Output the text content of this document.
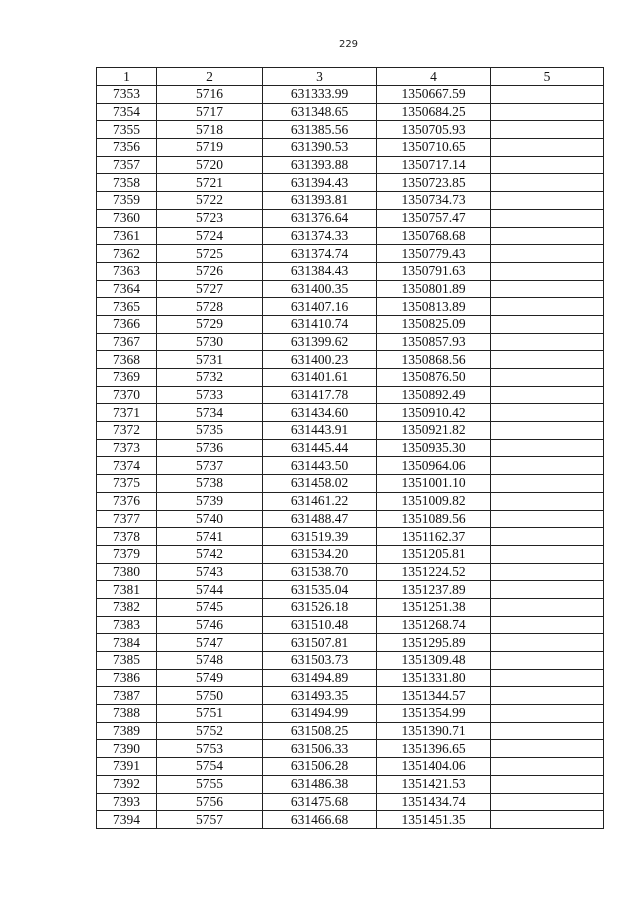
229
1	2	3	4	5
7353	5716	631333.99	1350667.59	
7354	5717	631348.65	1350684.25	
7355	5718	631385.56	1350705.93	
7356	5719	631390.53	1350710.65	
7357	5720	631393.88	1350717.14	
7358	5721	631394.43	1350723.85	
7359	5722	631393.81	1350734.73	
7360	5723	631376.64	1350757.47	
7361	5724	631374.33	1350768.68	
7362	5725	631374.74	1350779.43	
7363	5726	631384.43	1350791.63	
7364	5727	631400.35	1350801.89	
7365	5728	631407.16	1350813.89	
7366	5729	631410.74	1350825.09	
7367	5730	631399.62	1350857.93	
7368	5731	631400.23	1350868.56	
7369	5732	631401.61	1350876.50	
7370	5733	631417.78	1350892.49	
7371	5734	631434.60	1350910.42	
7372	5735	631443.91	1350921.82	
7373	5736	631445.44	1350935.30	
7374	5737	631443.50	1350964.06	
7375	5738	631458.02	1351001.10	
7376	5739	631461.22	1351009.82	
7377	5740	631488.47	1351089.56	
7378	5741	631519.39	1351162.37	
7379	5742	631534.20	1351205.81	
7380	5743	631538.70	1351224.52	
7381	5744	631535.04	1351237.89	
7382	5745	631526.18	1351251.38	
7383	5746	631510.48	1351268.74	
7384	5747	631507.81	1351295.89	
7385	5748	631503.73	1351309.48	
7386	5749	631494.89	1351331.80	
7387	5750	631493.35	1351344.57	
7388	5751	631494.99	1351354.99	
7389	5752	631508.25	1351390.71	
7390	5753	631506.33	1351396.65	
7391	5754	631506.28	1351404.06	
7392	5755	631486.38	1351421.53	
7393	5756	631475.68	1351434.74	
7394	5757	631466.68	1351451.35	
